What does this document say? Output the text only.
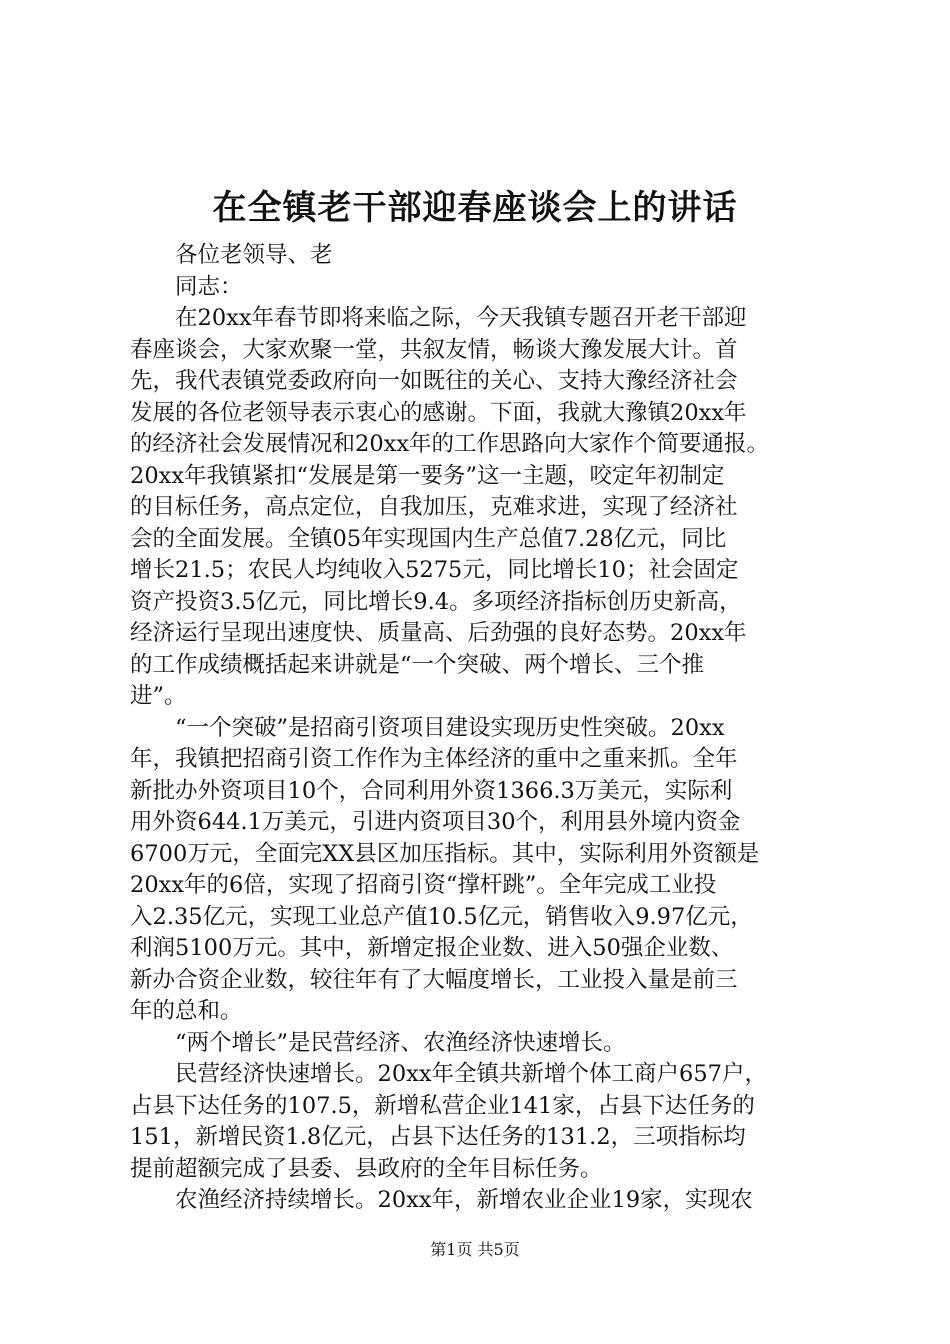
在全镇老干部迎春座谈会上的讲话
各位老领导、老
同志：
在20xx年春节即将来临之际，今天我镇专题召开老干部迎
春座谈会，大家欢聚一堂，共叙友情，畅谈大豫发展大计。首
先，我代表镇党委政府向一如既往的关心、支持大豫经济社会
发展的各位老领导表示衷心的感谢。下面，我就大豫镇20xx年
的经济社会发展情况和20xx年的工作思路向大家作个简要通报。
20xx年我镇紧扣“发展是第一要务”这一主题，咬定年初制定
的目标任务，高点定位，自我加压，克难求进，实现了经济社
会的全面发展。全镇05年实现国内生产总值7.28亿元，同比
增长21.5；农民人均纯收入5275元，同比增长10；社会固定
资产投资3.5亿元，同比增长9.4。多项经济指标创历史新高，
经济运行呈现出速度快、质量高、后劲强的良好态势。20xx年
的工作成绩概括起来讲就是“一个突破、两个增长、三个推
进”。
“一个突破”是招商引资项目建设实现历史性突破。20xx
年，我镇把招商引资工作作为主体经济的重中之重来抓。全年
新批办外资项目10个，合同利用外资1366.3万美元，实际利
用外资644.1万美元，引进内资项目30个，利用县外境内资金
6700万元，全面完XX县区加压指标。其中，实际利用外资额是
20xx年的6倍，实现了招商引资“撑杆跳”。全年完成工业投
入2.35亿元，实现工业总产值10.5亿元，销售收入9.97亿元，
利润5100万元。其中，新增定报企业数、进入50强企业数、
新办合资企业数，较往年有了大幅度增长，工业投入量是前三
年的总和。
“两个增长”是民营经济、农渔经济快速增长。
民营经济快速增长。20xx年全镇共新增个体工商户657户，
占县下达任务的107.5，新增私营企业141家，占县下达任务的
151，新增民资1.8亿元，占县下达任务的131.2，三项指标均
提前超额完成了县委、县政府的全年目标任务。
农渔经济持续增长。20xx年，新增农业企业19家，实现农
第1页 共5页
